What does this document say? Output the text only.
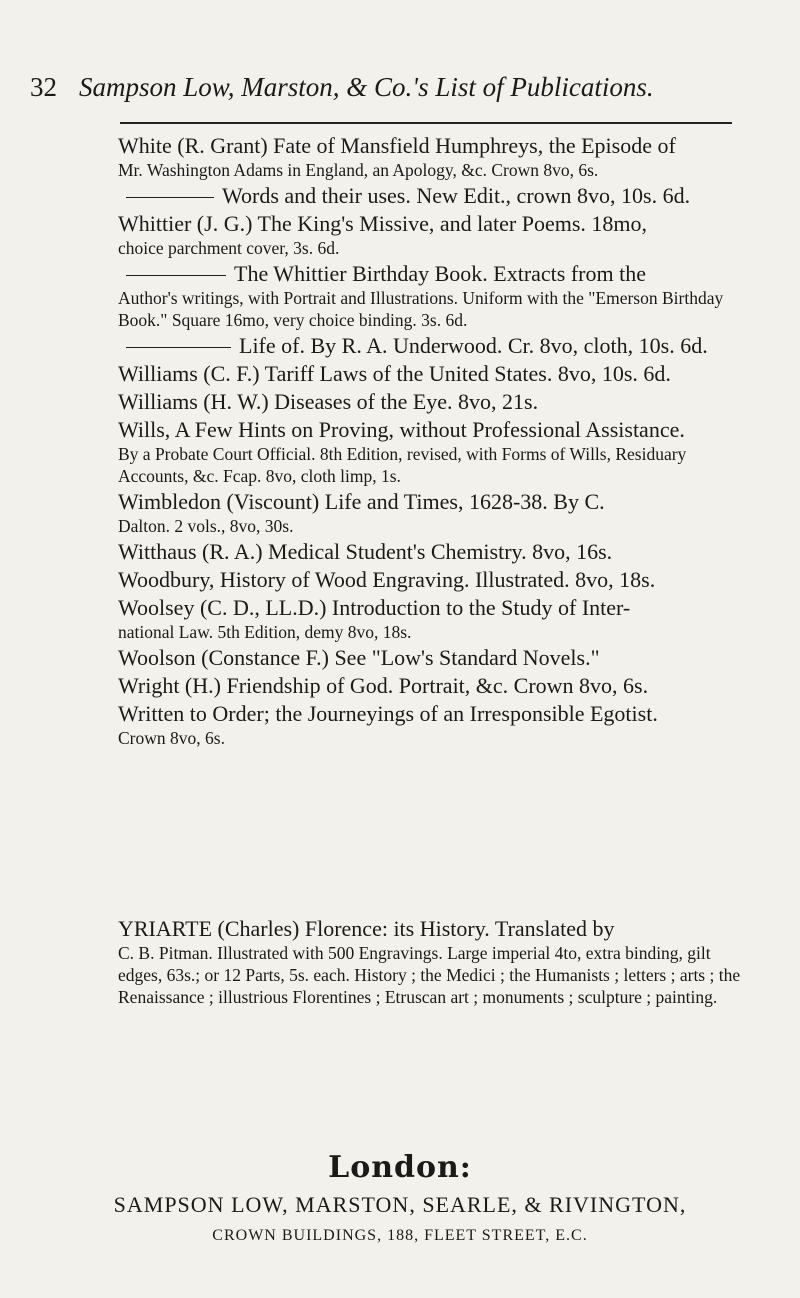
32 Sampson Low, Marston, & Co.'s List of Publications.
White (R. Grant) Fate of Mansfield Humphreys, the Episode of
Mr. Washington Adams in England, an Apology, &c. Crown 8vo, 6s.
Words and their uses. New Edit., crown 8vo, 10s. 6d.
Whittier (J. G.) The King's Missive, and later Poems. 18mo,
choice parchment cover, 3s. 6d.
The Whittier Birthday Book. Extracts from the
Author's writings, with Portrait and Illustrations. Uniform with the "Emerson Birthday Book." Square 16mo, very choice binding. 3s. 6d.
Life of. By R. A. Underwood. Cr. 8vo, cloth, 10s. 6d.
Williams (C. F.) Tariff Laws of the United States. 8vo, 10s. 6d.
Williams (H. W.) Diseases of the Eye. 8vo, 21s.
Wills, A Few Hints on Proving, without Professional Assistance.
By a Probate Court Official. 8th Edition, revised, with Forms of Wills, Residuary Accounts, &c. Fcap. 8vo, cloth limp, 1s.
Wimbledon (Viscount) Life and Times, 1628-38. By C.
Dalton. 2 vols., 8vo, 30s.
Witthaus (R. A.) Medical Student's Chemistry. 8vo, 16s.
Woodbury, History of Wood Engraving. Illustrated. 8vo, 18s.
Woolsey (C. D., LL.D.) Introduction to the Study of Inter-
national Law. 5th Edition, demy 8vo, 18s.
Woolson (Constance F.) See "Low's Standard Novels."
Wright (H.) Friendship of God. Portrait, &c. Crown 8vo, 6s.
Written to Order; the Journeyings of an Irresponsible Egotist.
Crown 8vo, 6s.
YRIARTE (Charles) Florence: its History. Translated by
C. B. Pitman. Illustrated with 500 Engravings. Large imperial 4to, extra binding, gilt edges, 63s.; or 12 Parts, 5s. each. History ; the Medici ; the Humanists ; letters ; arts ; the Renaissance ; illustrious Florentines ; Etruscan art ; monuments ; sculpture ; painting.
London:
SAMPSON LOW, MARSTON, SEARLE, & RIVINGTON,
CROWN BUILDINGS, 188, FLEET STREET, E.C.
